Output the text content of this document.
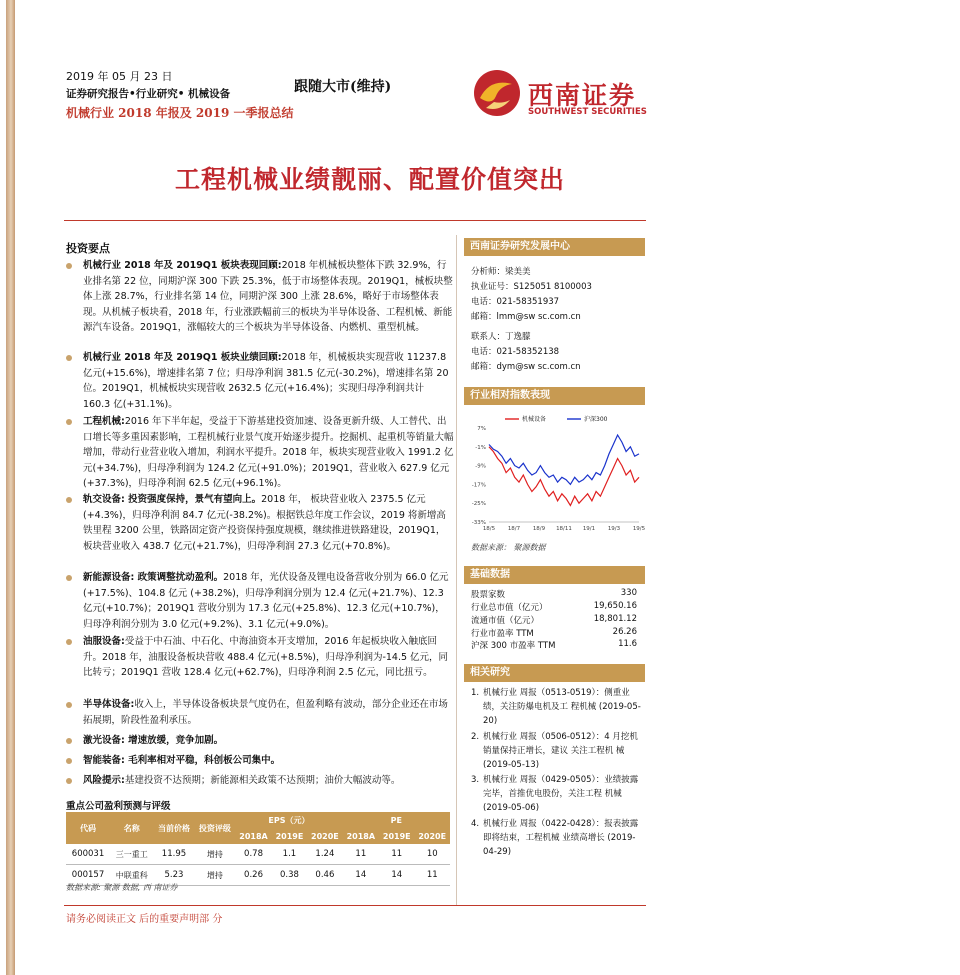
2019 年 05 月 23 日
证券研究报告•行业研究• 机械设备
机械行业 2018 年报及 2019 一季报总结
跟随大市(维持)	西南证券
SOUTHWEST SECURITIES
工程机械业绩靓丽、配置价值突出
投资要点
机械行业 2018 年及 2019Q1 板块表现回顾:2018 年机械板块整体下跌 32.9%，行业排名第 22 位，同期沪深 300 下跌 25.3%，低于市场整体表现。2019Q1，械板块整体上涨 28.7%，行业排名第 14 位，同期沪深 300 上涨 28.6%，略好于市场整体表现。从机械子板块看，2018 年，行业涨跌幅前三的板块为半导体设备、工程机械、新能源汽车设备。2019Q1，涨幅较大的三个板块为半导体设备、内燃机、重型机械。
机械行业 2018 年及 2019Q1 板块业绩回顾:2018 年，机械板块实现营收 11237.8 亿元(+15.6%)，增速排名第 7 位；归母净利润 381.5 亿元(-30.2%)，增速排名第 20 位。2019Q1，机械板块实现营收 2632.5 亿元(+16.4%)；实现归母净利润共计 160.3 亿(+31.1%)。
工程机械:2016 年下半年起，受益于下游基建投资加速、设备更新升级、人工替代、出口增长等多重因素影响，工程机械行业景气度开始逐步提升。挖掘机、起重机等销量大幅增加，带动行业营业收入增加，利润水平提升。2018 年，板块实现营业收入 1991.2 亿元(+34.7%)，归母净利润为 124.2 亿元(+91.0%)；2019Q1，营业收入 627.9 亿元 (+37.3%)，归母净利润 62.5 亿元(+96.1%)。
轨交设备: 投资强度保持，景气有望向上。2018 年， 板块营业收入 2375.5 亿元(+4.3%)，归母净利润 84.7 亿元(-38.2%)。根据铁总年度工作会议，2019 将新增高铁里程 3200 公里，铁路固定资产投资保持强度规模，继续推进铁路建设，2019Q1，板块营业收入 438.7 亿元(+21.7%)，归母净利润 27.3 亿元(+70.8%)。
新能源设备: 政策调整扰动盈利。2018 年，光伏设备及锂电设备营收分别为 66.0 亿元(+17.5%)、104.8 亿元 (+38.2%)，归母净利润分别为 12.4 亿元(+21.7%)、12.3 亿元(+10.7%)；2019Q1 营收分别为 17.3 亿元(+25.8%)、12.3 亿元(+10.7%)，归母净利润分别为 3.0 亿元(+9.2%)、3.1 亿元(+9.0%)。
油服设备:受益于中石油、中石化、中海油资本开支增加，2016 年起板块收入触底回升。2018 年，油服设备板块营收 488.4 亿元(+8.5%)，归母净利润为-14.5 亿元，同比转亏；2019Q1 营收 128.4 亿元(+62.7%)，归母净利润 2.5 亿元，同比扭亏。
半导体设备:收入上，半导体设备板块景气度仍在，但盈利略有波动，部分企业还在市场拓展期，阶段性盈利承压。
激光设备: 增速放缓，竞争加剧。
智能装备: 毛利率相对平稳，科创板公司集中。
风险提示:基建投资不达预期；新能源相关政策不达预期；油价大幅波动等。
重点公司盈利预测与评级
代码	名称	当前价格	投资评级	EPS（元）			PE		
				2018A	2019E	2020E	2018A	2019E	2020E
600031	三一重工	11.95	增持	0.78	1.1	1.24	11	11	10
000157	中联重科	5.23	增持	0.26	0.38	0.46	14	14	11
数据来源: 聚源 数据, 西 南证券
西南证券研究发展中心
分析师：梁美美
执业证号：S125051 8100003
电话：021-58351937
邮箱：lmm@sw sc.com.cn
联系人：丁逸朦
电话：021-58352138
邮箱：dym@sw sc.com.cn
行业相对指数表现
7%
-1%
-9%
-17%
-25%
-33%
18/5 18/7 18/9 18/11 19/1 19/3 19/5
机械设备	沪深300
数据来源： 聚源数据
基础数据
股票家数	330
行业总市值（亿元）	19,650.16
流通市值（亿元）	18,801.12
行业市盈率 TTM	26.26
沪深 300 市盈率 TTM	11.6
相关研究
1. 机械行业 周报（0513-0519）：侧重业绩，关注防爆电机及工 程机械 (2019-05-20)
2. 机械行业 周报（0506-0512）：4 月挖机销量保持正增长，建议 关注工程机 械 (2019-05-13)
3. 机械行业 周报（0429-0505）：业绩披露完毕，首推优电股份，关注工程 机械 (2019-05-06)
4. 机械行业 周报（0422-0428）：报表披露即将结束，工程机械 业绩高增长 (2019-04-29)
请务必阅读正文 后的重要声明部 分
